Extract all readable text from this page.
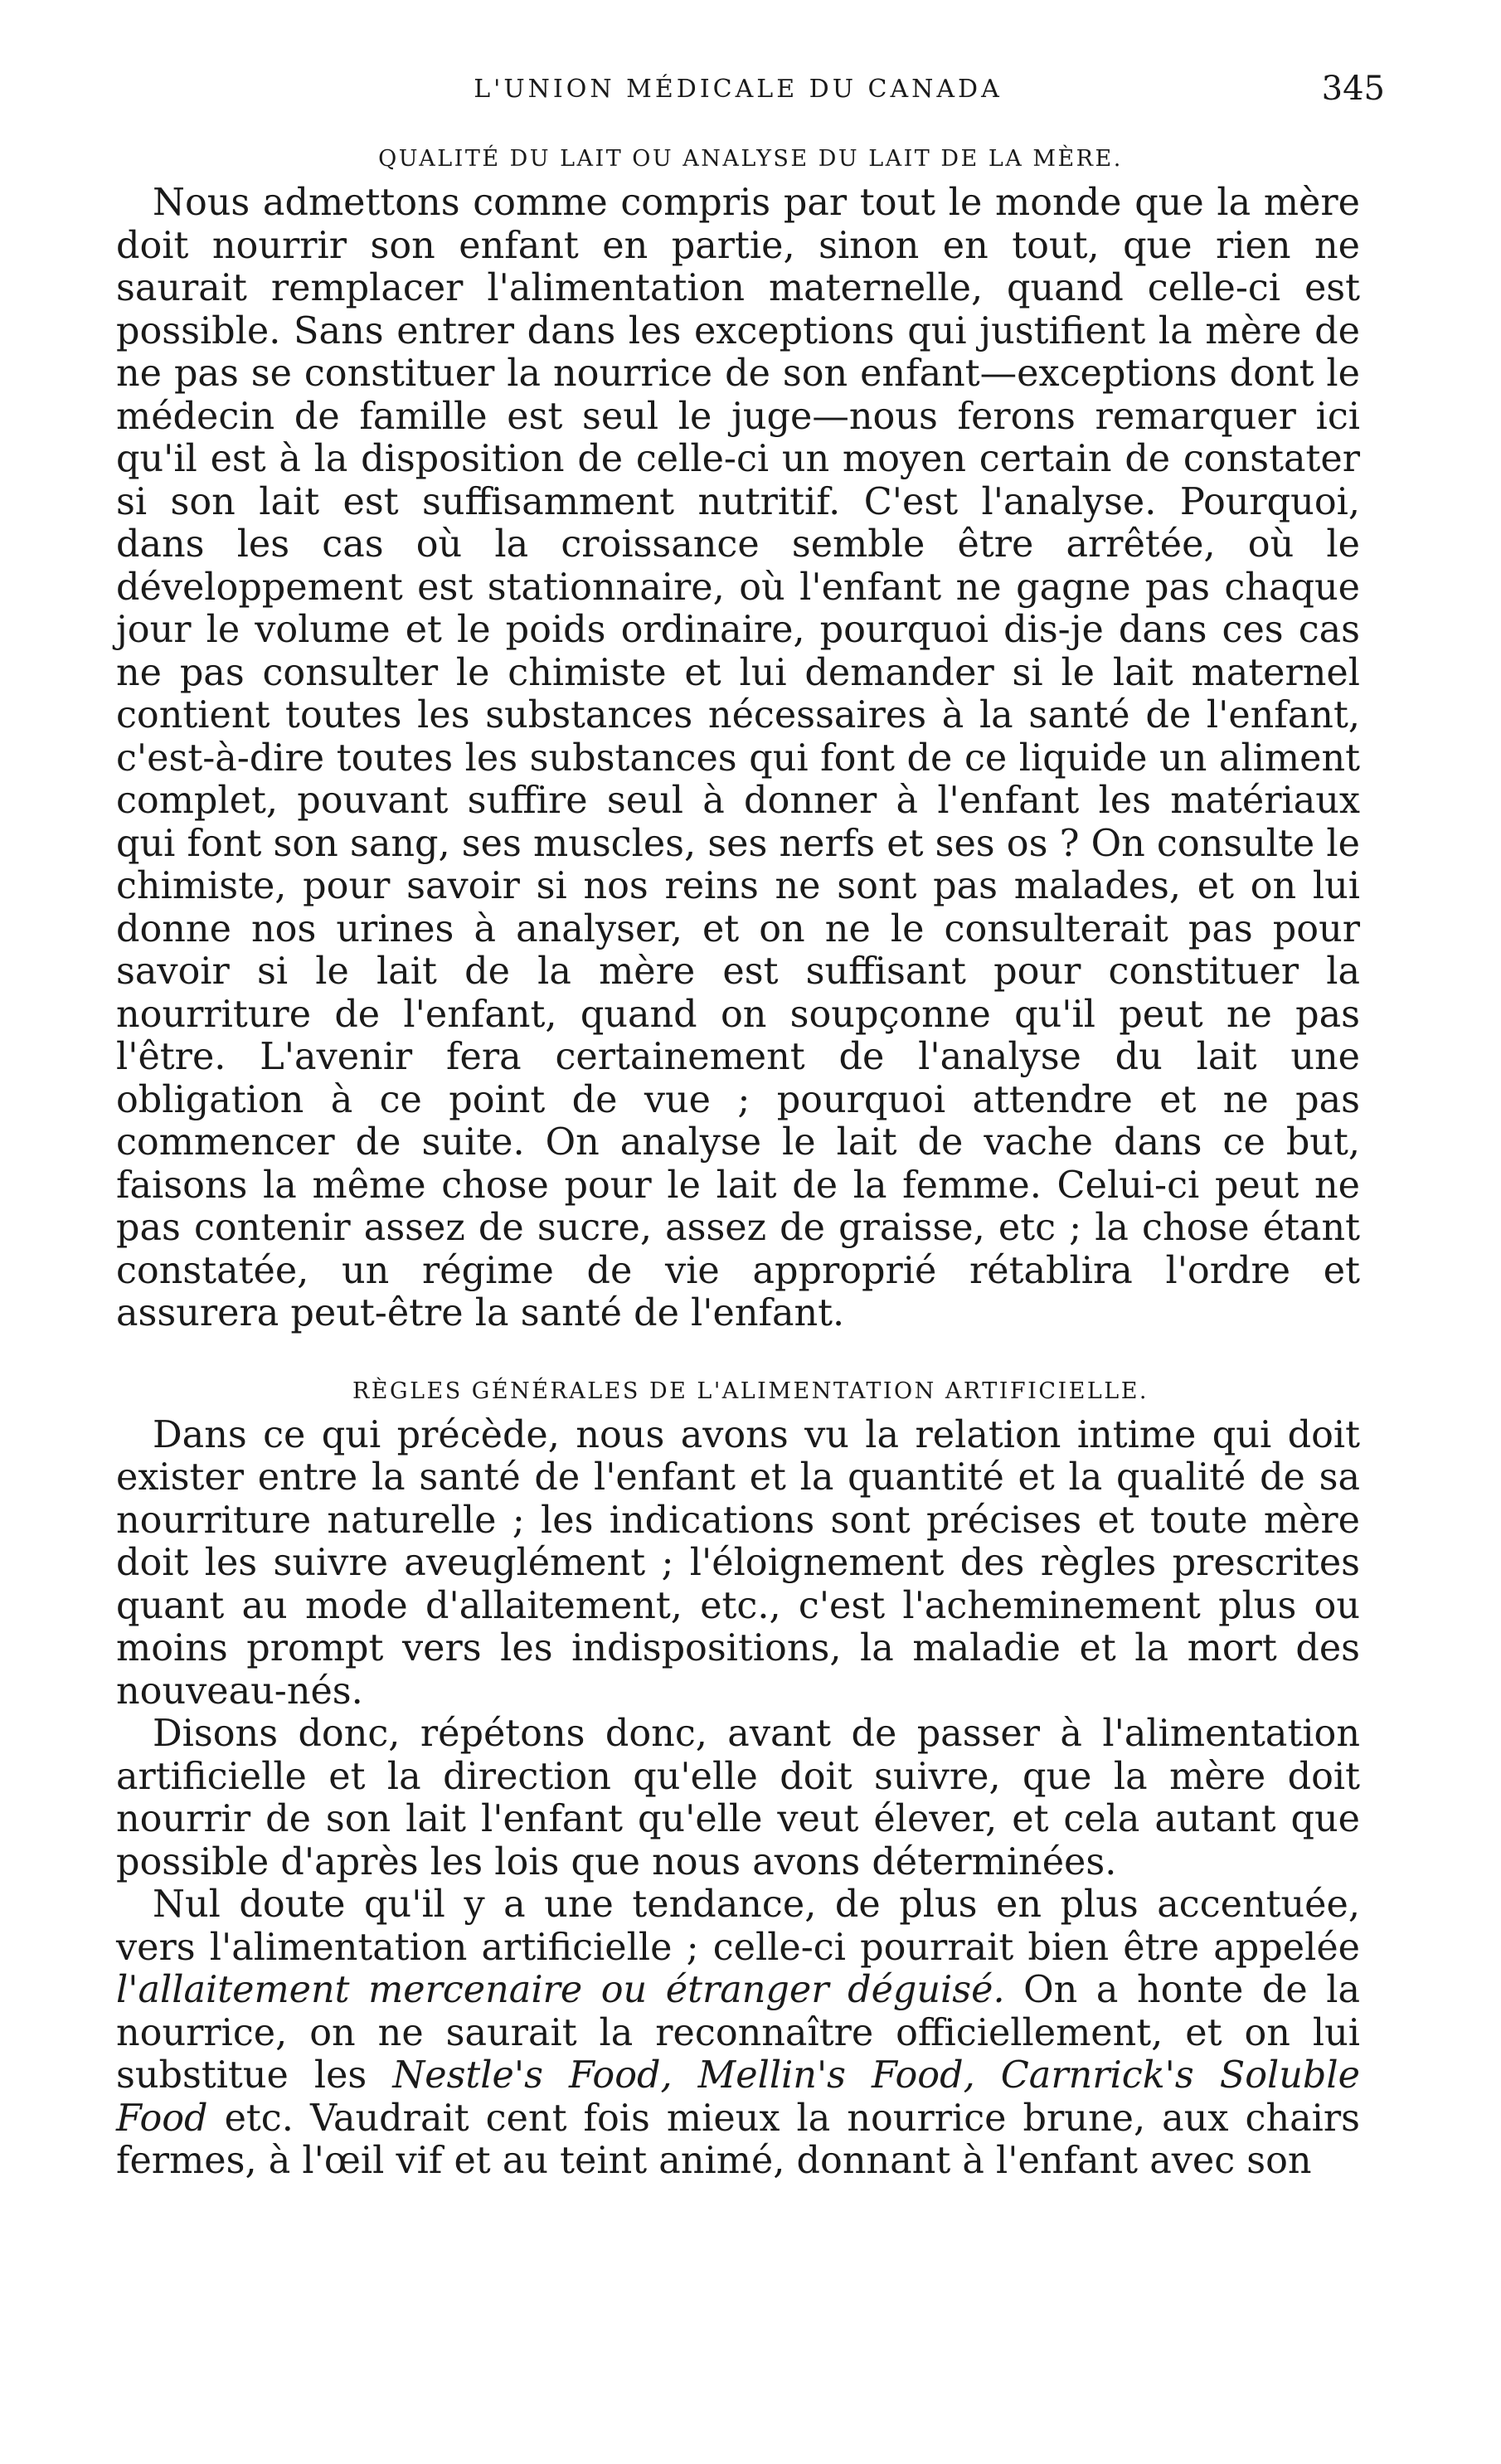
L'UNION MÉDICALE DU CANADA	345
QUALITÉ DU LAIT OU ANALYSE DU LAIT DE LA MÈRE.

Nous admettons comme compris par tout le monde que la mère doit nourrir son enfant en partie, sinon en tout, que rien ne saurait remplacer l'alimentation maternelle, quand celle-ci est possible. Sans entrer dans les exceptions qui justifient la mère de ne pas se constituer la nourrice de son enfant—exceptions dont le médecin de famille est seul le juge—nous ferons remarquer ici qu'il est à la disposition de celle-ci un moyen certain de constater si son lait est suffisamment nutritif. C'est l'analyse. Pourquoi, dans les cas où la croissance semble être arrêtée, où le développement est stationnaire, où l'enfant ne gagne pas chaque jour le volume et le poids ordinaire, pourquoi dis-je dans ces cas ne pas consulter le chimiste et lui demander si le lait maternel contient toutes les substances nécessaires à la santé de l'enfant, c'est-à-dire toutes les substances qui font de ce liquide un aliment complet, pouvant suffire seul à donner à l'enfant les matériaux qui font son sang, ses muscles, ses nerfs et ses os ? On consulte le chimiste, pour savoir si nos reins ne sont pas malades, et on lui donne nos urines à analyser, et on ne le consulterait pas pour savoir si le lait de la mère est suffisant pour constituer la nourriture de l'enfant, quand on soupçonne qu'il peut ne pas l'être. L'avenir fera certainement de l'analyse du lait une obligation à ce point de vue ; pourquoi attendre et ne pas commencer de suite. On analyse le lait de vache dans ce but, faisons la même chose pour le lait de la femme. Celui-ci peut ne pas contenir assez de sucre, assez de graisse, etc ; la chose étant constatée, un régime de vie approprié rétablira l'ordre et assurera peut-être la santé de l'enfant.

RÈGLES GÉNÉRALES DE L'ALIMENTATION ARTIFICIELLE.

Dans ce qui précède, nous avons vu la relation intime qui doit exister entre la santé de l'enfant et la quantité et la qualité de sa nourriture naturelle ; les indications sont précises et toute mère doit les suivre aveuglément ; l'éloignement des règles prescrites quant au mode d'allaitement, etc., c'est l'acheminement plus ou moins prompt vers les indispositions, la maladie et la mort des nouveau-nés.

Disons donc, répétons donc, avant de passer à l'alimentation artificielle et la direction qu'elle doit suivre, que la mère doit nourrir de son lait l'enfant qu'elle veut élever, et cela autant que possible d'après les lois que nous avons déterminées.

Nul doute qu'il y a une tendance, de plus en plus accentuée, vers l'alimentation artificielle ; celle-ci pourrait bien être appelée l'allaitement mercenaire ou étranger déguisé. On a honte de la nourrice, on ne saurait la reconnaître officiellement, et on lui substitue les Nestle's Food, Mellin's Food, Carnrick's Soluble Food etc. Vaudrait cent fois mieux la nourrice brune, aux chairs fermes, à l'œil vif et au teint animé, donnant à l'enfant avec son
